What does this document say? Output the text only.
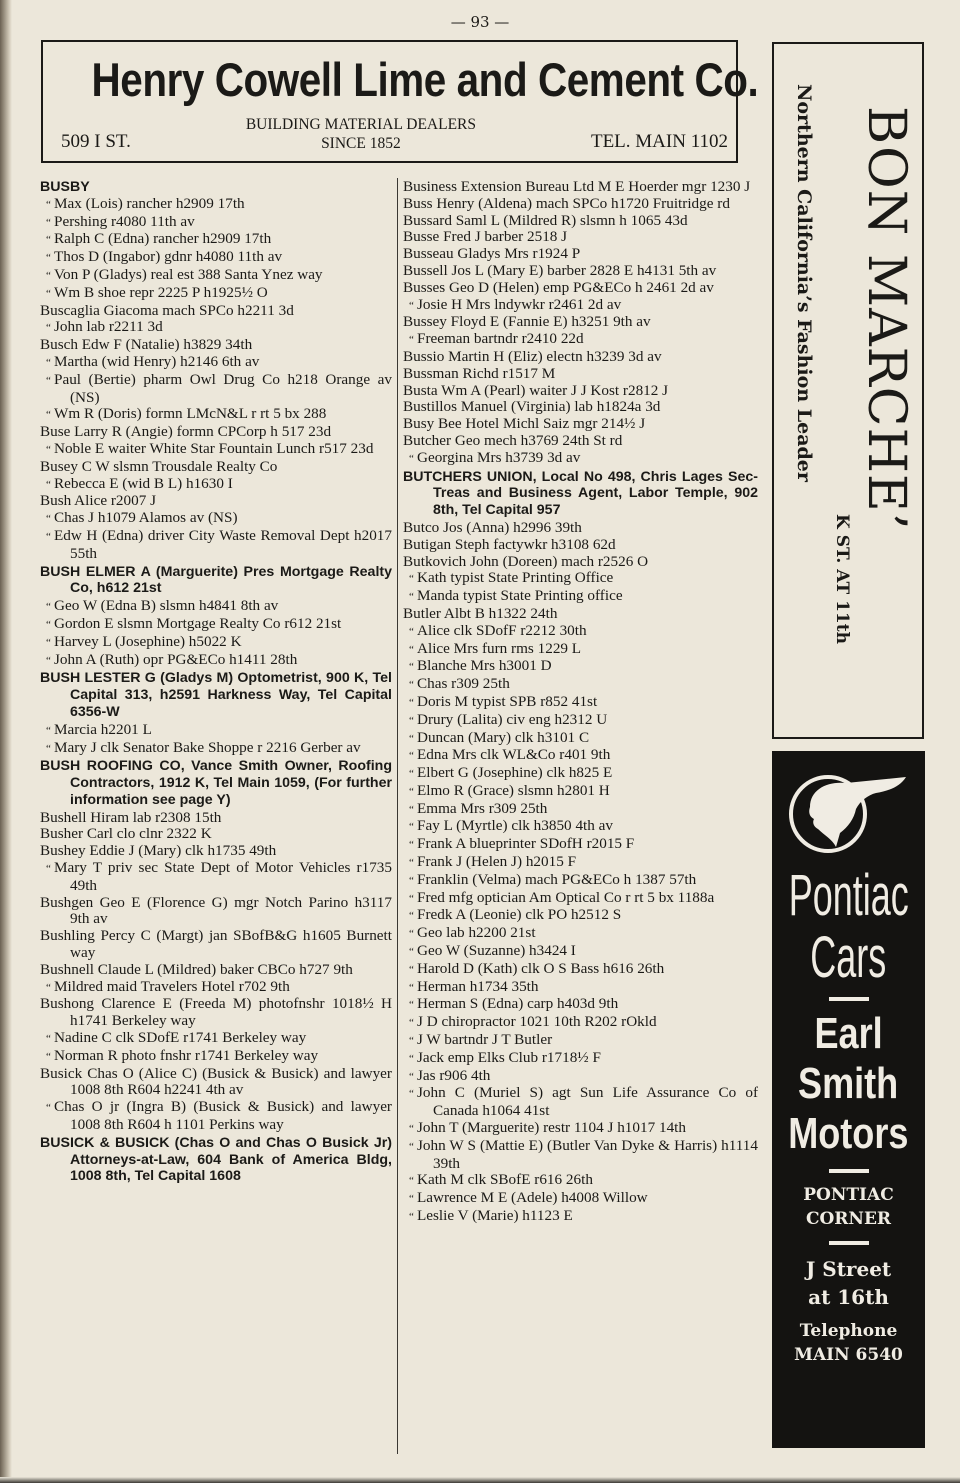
— 93 —
Henry Cowell Lime and Cement Co.
509 I ST.
BUILDING MATERIAL DEALERS
SINCE 1852	TEL. MAIN 1102
BUSBY
“ Max (Lois) rancher h2909 17th
“ Pershing r4080 11th av
“ Ralph C (Edna) rancher h2909 17th
“ Thos D (Ingabor) gdnr h4080 11th av
“ Von P (Gladys) real est 388 Santa Ynez way
“ Wm B shoe repr 2225 P h1925½ O
Buscaglia Giacoma mach SPCo h2211 3d
“ John lab r2211 3d
Busch Edw F (Natalie) h3829 34th
“ Martha (wid Henry) h2146 6th av
“ Paul (Bertie) pharm Owl Drug Co h218 Orange av (NS)
“ Wm R (Doris) formn LMcN&L r rt 5 bx 288
Buse Larry R (Angie) formn CPCorp h 517 23d
“ Noble E waiter White Star Fountain Lunch r517 23d
Busey C W slsmn Trousdale Realty Co
“ Rebecca E (wid B L) h1630 I
Bush Alice r2007 J
“ Chas J h1079 Alamos av (NS)
“ Edw H (Edna) driver City Waste Removal Dept h2017 55th
BUSH ELMER A (Marguerite) Pres Mortgage Realty Co, h612 21st
“ Geo W (Edna B) slsmn h4841 8th av
“ Gordon E slsmn Mortgage Realty Co r612 21st
“ Harvey L (Josephine) h5022 K
“ John A (Ruth) opr PG&ECo h1411 28th
BUSH LESTER G (Gladys M) Optometrist, 900 K, Tel Capital 313, h2591 Harkness Way, Tel Capital 6356-W
“ Marcia h2201 L
“ Mary J clk Senator Bake Shoppe r 2216 Gerber av
BUSH ROOFING CO, Vance Smith Owner, Roofing Contractors, 1912 K, Tel Main 1059, (For further information see page Y)
Bushell Hiram lab r2308 15th
Busher Carl clo clnr 2322 K
Bushey Eddie J (Mary) clk h1735 49th
“ Mary T priv sec State Dept of Motor Vehicles r1735 49th
Bushgen Geo E (Florence G) mgr Notch Parino h3117 9th av
Bushling Percy C (Margt) jan SBofB&G h1605 Burnett way
Bushnell Claude L (Mildred) baker CBCo h727 9th
“ Mildred maid Travelers Hotel r702 9th
Bushong Clarence E (Freeda M) photofnshr 1018½ H h1741 Berkeley way
“ Nadine C clk SDofE r1741 Berkeley way
“ Norman R photo fnshr r1741 Berkeley way
Busick Chas O (Alice C) (Busick & Busick) and lawyer 1008 8th R604 h2241 4th av
“ Chas O jr (Ingra B) (Busick & Busick) and lawyer 1008 8th R604 h 1101 Perkins way
BUSICK & BUSICK (Chas O and Chas O Busick Jr) Attorneys-at-Law, 604 Bank of America Bldg, 1008 8th, Tel Capital 1608
Business Extension Bureau Ltd M E Hoerder mgr 1230 J
Buss Henry (Aldena) mach SPCo h1720 Fruitridge rd
Bussard Saml L (Mildred R) slsmn h 1065 43d
Busse Fred J barber 2518 J
Busseau Gladys Mrs r1924 P
Bussell Jos L (Mary E) barber 2828 E h4131 5th av
Busses Geo D (Helen) emp PG&ECo h 2461 2d av
“ Josie H Mrs lndywkr r2461 2d av
Bussey Floyd E (Fannie E) h3251 9th av
“ Freeman bartndr r2410 22d
Bussio Martin H (Eliz) electn h3239 3d av
Bussman Richd r1517 M
Busta Wm A (Pearl) waiter J J Kost r2812 J
Bustillos Manuel (Virginia) lab h1824a 3d
Busy Bee Hotel Michl Saiz mgr 214½ J
Butcher Geo mech h3769 24th St rd
“ Georgina Mrs h3739 3d av
BUTCHERS UNION, Local No 498, Chris Lages Sec-Treas and Business Agent, Labor Temple, 902 8th, Tel Capital 957
Butco Jos (Anna) h2996 39th
Butigan Steph factywkr h3108 62d
Butkovich John (Doreen) mach r2526 O
“ Kath typist State Printing Office
“ Manda typist State Printing office
Butler Albt B h1322 24th
“ Alice clk SDofF r2212 30th
“ Alice Mrs furn rms 1229 L
“ Blanche Mrs h3001 D
“ Chas r309 25th
“ Doris M typist SPB r852 41st
“ Drury (Lalita) civ eng h2312 U
“ Duncan (Mary) clk h3101 C
“ Edna Mrs clk WL&Co r401 9th
“ Elbert G (Josephine) clk h825 E
“ Elmo R (Grace) slsmn h2801 H
“ Emma Mrs r309 25th
“ Fay L (Myrtle) clk h3850 4th av
“ Frank A blueprinter SDofH r2015 F
“ Frank J (Helen J) h2015 F
“ Franklin (Velma) mach PG&ECo h 1387 57th
“ Fred mfg optician Am Optical Co r rt 5 bx 1188a
“ Fredk A (Leonie) clk PO h2512 S
“ Geo lab h2200 21st
“ Geo W (Suzanne) h3424 I
“ Harold D (Kath) clk O S Bass h616 26th
“ Herman h1734 35th
“ Herman S (Edna) carp h403d 9th
“ J D chiropractor 1021 10th R202 rOkld
“ J W bartndr J T Butler
“ Jack emp Elks Club r1718½ F
“ Jas r906 4th
“ John C (Muriel S) agt Sun Life Assurance Co of Canada h1064 41st
“ John T (Marguerite) restr 1104 J h1017 14th
“ John W S (Mattie E) (Butler Van Dyke & Harris) h1114 39th
“ Kath M clk SBofE r616 26th
“ Lawrence M E (Adele) h4008 Willow
“ Leslie V (Marie) h1123 E
BON MARCHE’
K ST. AT 11th
Northern California’s Fashion Leader
Pontiac
Cars
Earl
Smith
Motors
PONTIAC
CORNER
J Street
at 16th
Telephone
MAIN 6540
